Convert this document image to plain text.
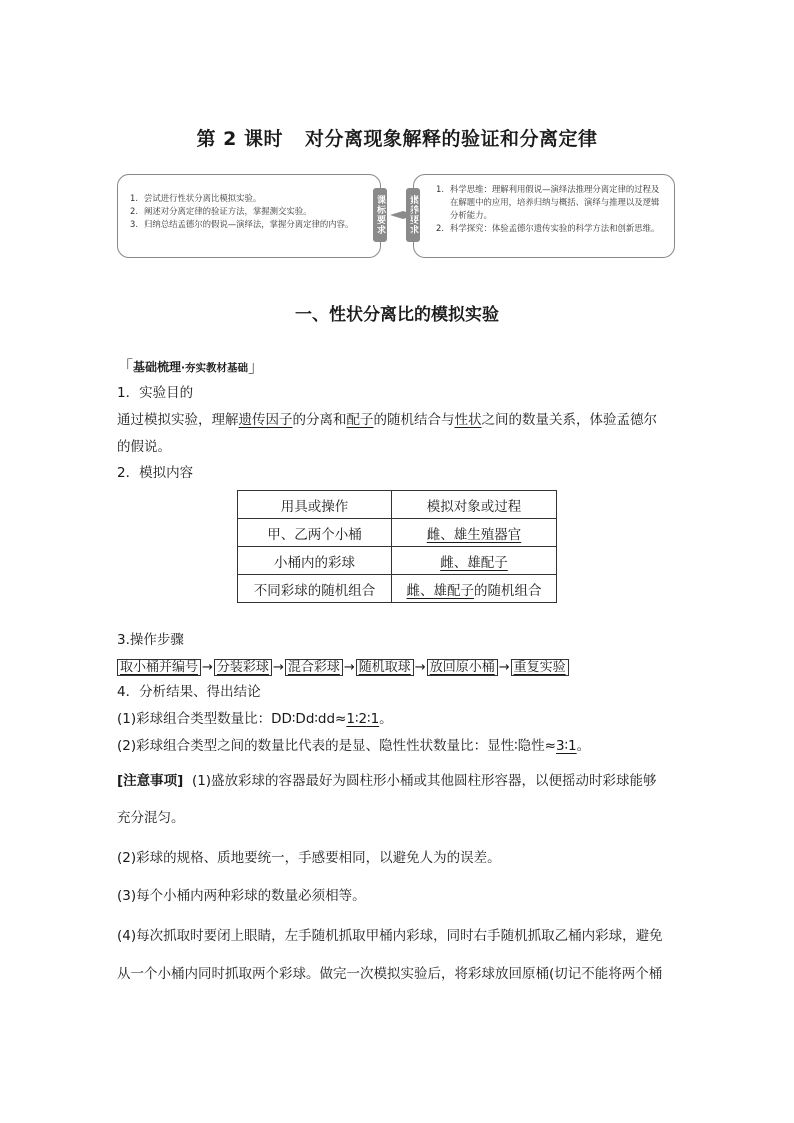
第 2 课时 对分离现象解释的验证和分离定律
1. 尝试进行性状分离比模拟实验。
2. 阐述对分离定律的验证方法，掌握测交实验。
3. 归纳总结孟德尔的假说—演绎法，掌握分离定律的内容。	课标要求	素养要求
1. 科学思维：理解利用假说—演绎法推理分离定律的过程及在解题中的应用，培养归纳与概括、演绎与推理以及逻辑分析能力。
2. 科学探究：体验孟德尔遗传实验的科学方法和创新思维。
一、性状分离比的模拟实验
「基础梳理·夯实教材基础」
1．实验目的
通过模拟实验，理解遗传因子的分离和配子的随机结合与性状之间的数量关系，体验孟德尔
的假说。
2．模拟内容
用具或操作	模拟对象或过程
甲、乙两个小桶	雌、雄生殖器官
小桶内的彩球	雌、雄配子
不同彩球的随机组合	雌、雄配子的随机组合
3.操作步骤
取小桶并编号 → 分装彩球 → 混合彩球 → 随机取球 → 放回原小桶 → 重复实验
4．分析结果、得出结论
(1)彩球组合类型数量比：DD∶Dd∶dd≈1∶2∶1。
(2)彩球组合类型之间的数量比代表的是显、隐性性状数量比：显性∶隐性≈3∶1。
[注意事项] (1)盛放彩球的容器最好为圆柱形小桶或其他圆柱形容器，以便摇动时彩球能够
充分混匀。
(2)彩球的规格、质地要统一，手感要相同，以避免人为的误差。
(3)每个小桶内两种彩球的数量必须相等。
(4)每次抓取时要闭上眼睛，左手随机抓取甲桶内彩球，同时右手随机抓取乙桶内彩球，避免
从一个小桶内同时抓取两个彩球。做完一次模拟实验后，将彩球放回原桶(切记不能将两个桶
